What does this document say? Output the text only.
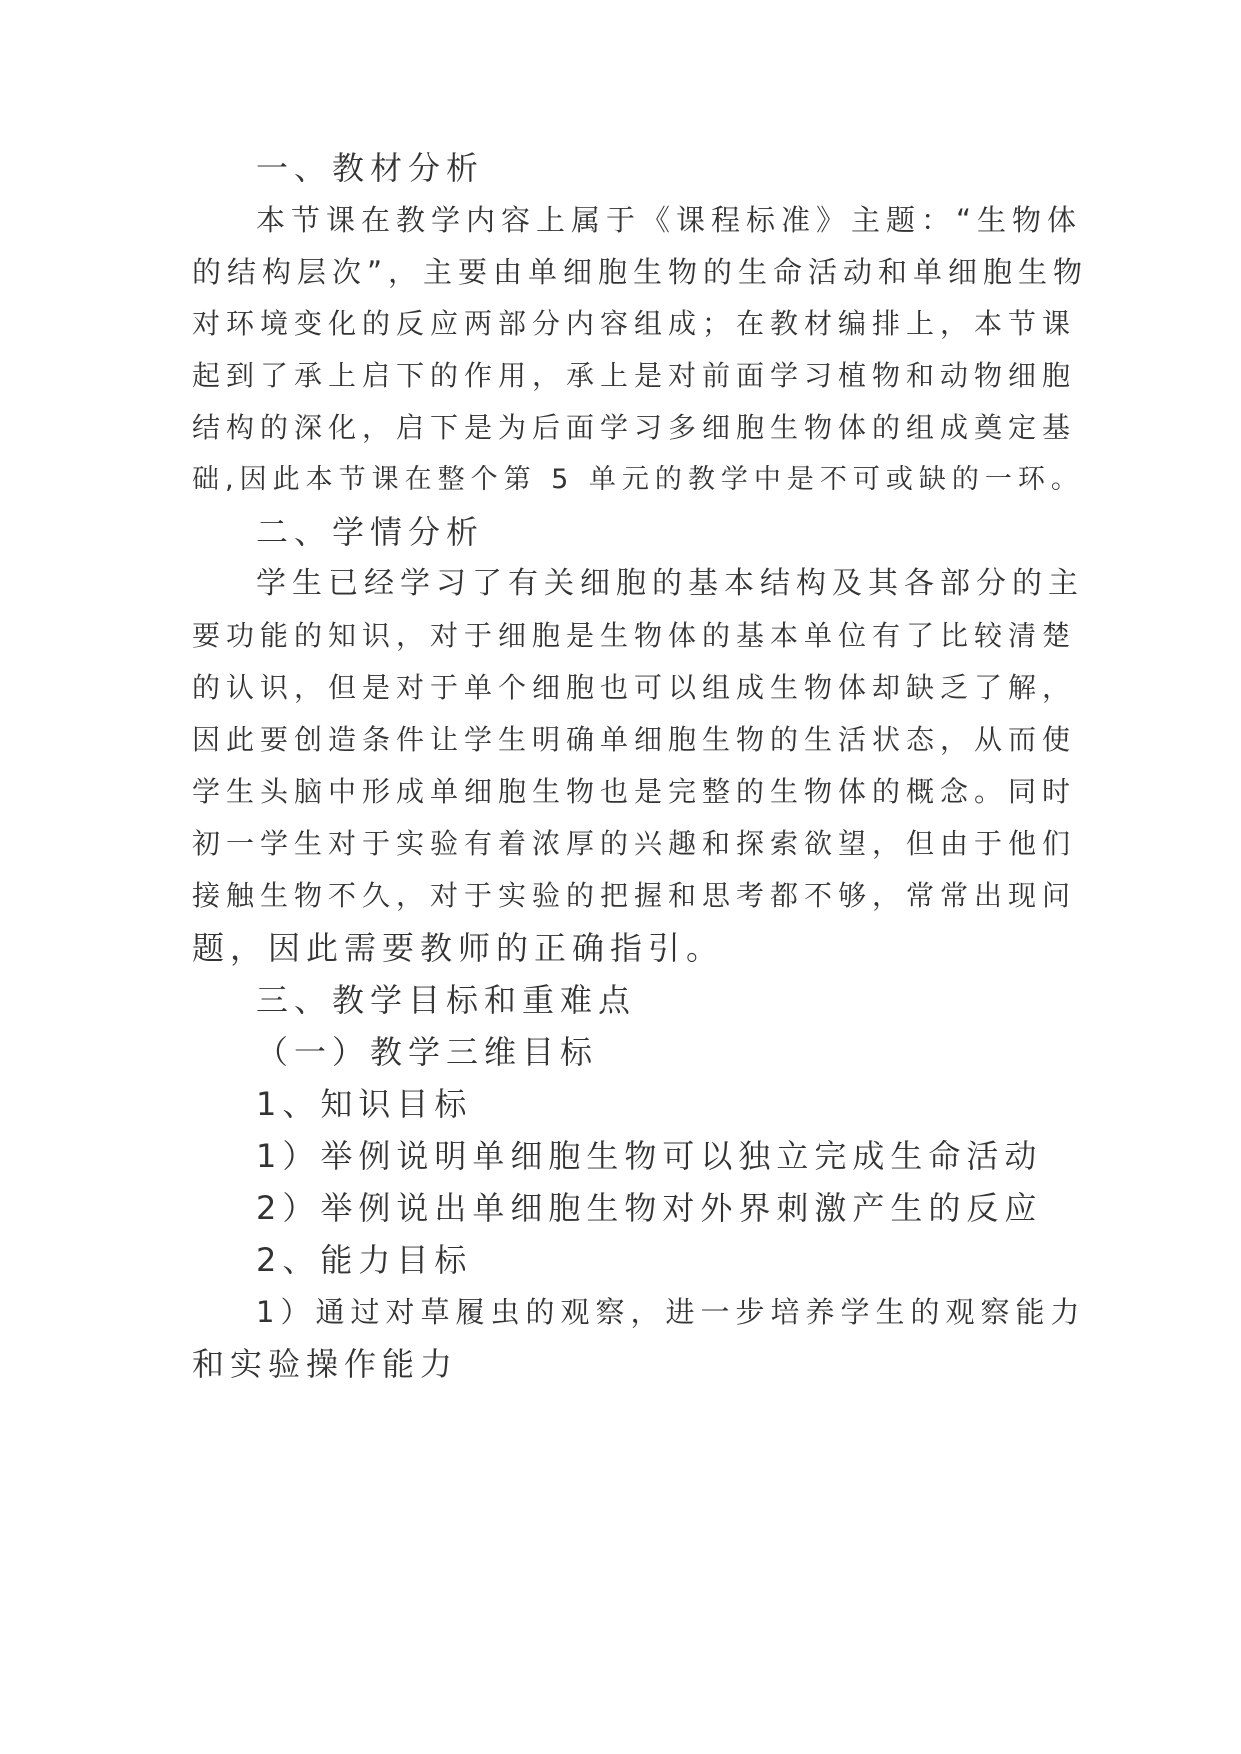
一、教材分析
本节课在教学内容上属于《课程标准》主题：“生物体
的结构层次”，主要由单细胞生物的生命活动和单细胞生物
对环境变化的反应两部分内容组成；在教材编排上，本节课
起到了承上启下的作用，承上是对前面学习植物和动物细胞
结构的深化，启下是为后面学习多细胞生物体的组成奠定基
础,因此本节课在整个第 5 单元的教学中是不可或缺的一环。
二、学情分析
学生已经学习了有关细胞的基本结构及其各部分的主
要功能的知识，对于细胞是生物体的基本单位有了比较清楚
的认识，但是对于单个细胞也可以组成生物体却缺乏了解，
因此要创造条件让学生明确单细胞生物的生活状态，从而使
学生头脑中形成单细胞生物也是完整的生物体的概念。同时
初一学生对于实验有着浓厚的兴趣和探索欲望，但由于他们
接触生物不久，对于实验的把握和思考都不够，常常出现问
题，因此需要教师的正确指引。
三、教学目标和重难点
（一）教学三维目标
1、知识目标
1）举例说明单细胞生物可以独立完成生命活动
2）举例说出单细胞生物对外界刺激产生的反应
2、能力目标
1）通过对草履虫的观察，进一步培养学生的观察能力
和实验操作能力
